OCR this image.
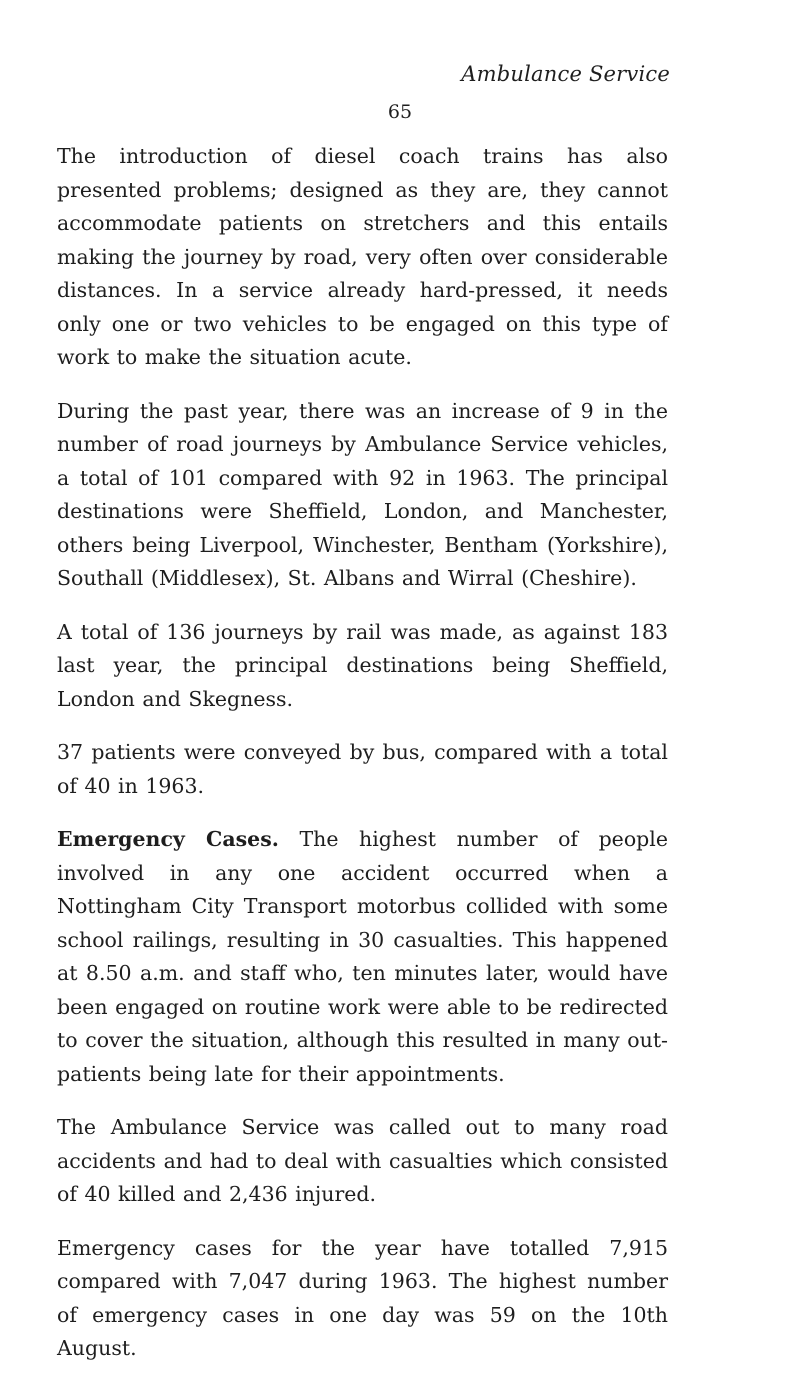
Ambulance Service
65

The introduction of diesel coach trains has also presented problems; designed as they are, they cannot accommodate patients on stretchers and this entails making the journey by road, very often over considerable distances. In a service already hard-pressed, it needs only one or two vehicles to be engaged on this type of work to make the situation acute.

During the past year, there was an increase of 9 in the number of road journeys by Ambulance Service vehicles, a total of 101 compared with 92 in 1963. The principal destinations were Sheffield, London, and Manchester, others being Liverpool, Winchester, Bentham (Yorkshire), Southall (Middlesex), St. Albans and Wirral (Cheshire).

A total of 136 journeys by rail was made, as against 183 last year, the principal destinations being Sheffield, London and Skegness.

37 patients were conveyed by bus, compared with a total of 40 in 1963.

Emergency Cases. The highest number of people involved in any one accident occurred when a Nottingham City Transport motorbus collided with some school railings, resulting in 30 casualties. This happened at 8.50 a.m. and staff who, ten minutes later, would have been engaged on routine work were able to be redirected to cover the situation, although this resulted in many out-patients being late for their appointments.

The Ambulance Service was called out to many road accidents and had to deal with casualties which consisted of 40 killed and 2,436 injured.

Emergency cases for the year have totalled 7,915 compared with 7,047 during 1963. The highest number of emergency cases in one day was 59 on the 10th August.
